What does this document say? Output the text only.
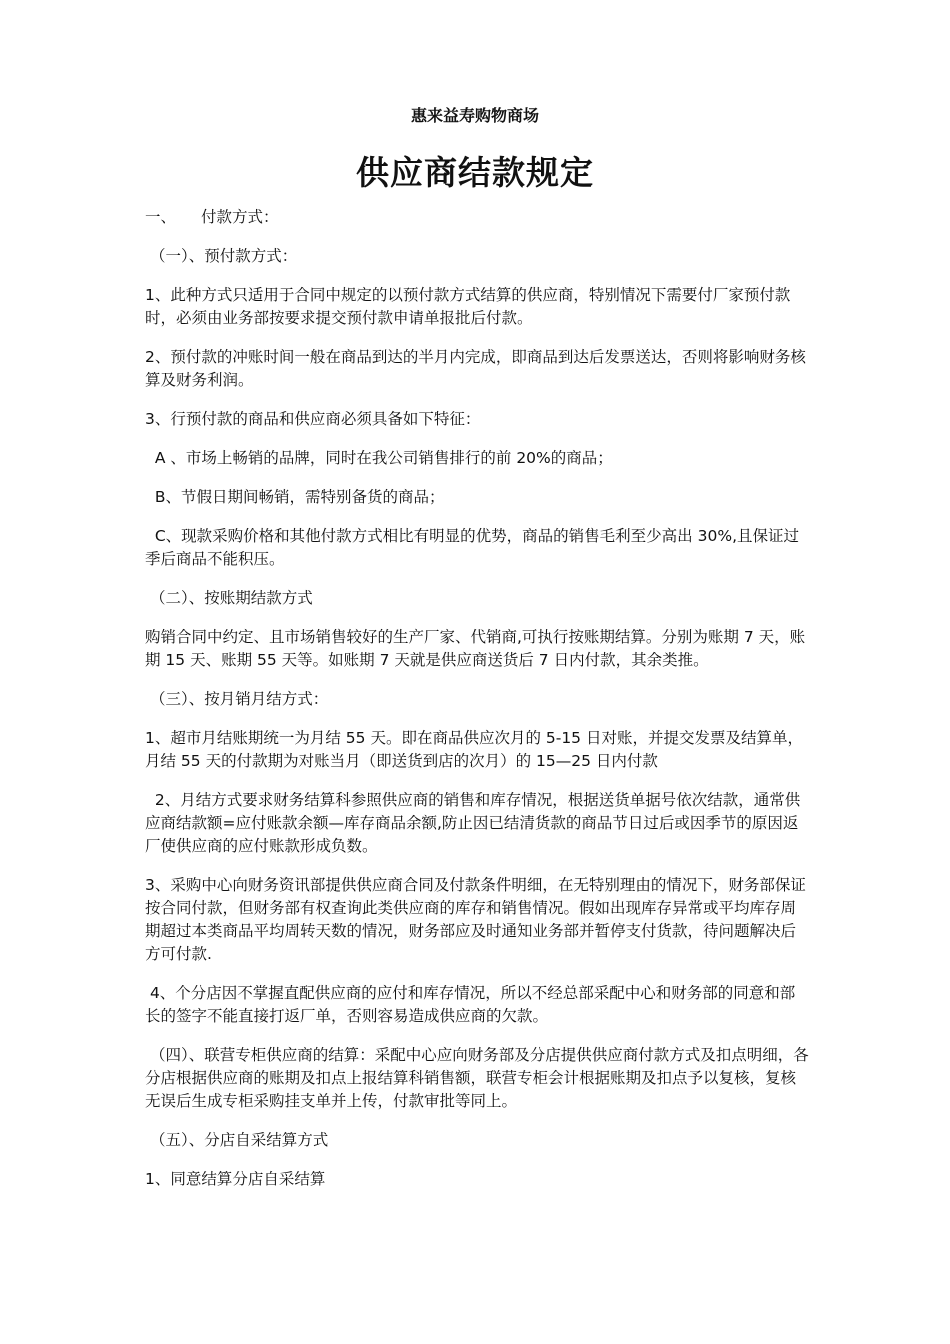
惠来益寿购物商场
供应商结款规定
一、	付款方式：

（一）、预付款方式：

1、此种方式只适用于合同中规定的以预付款方式结算的供应商，特别情况下需要付厂家预付款时，必须由业务部按要求提交预付款申请单报批后付款。

2、预付款的冲账时间一般在商品到达的半月内完成，即商品到达后发票送达，否则将影响财务核算及财务利润。

3、行预付款的商品和供应商必须具备如下特征：

A 、市场上畅销的品牌，同时在我公司销售排行的前 20%的商品；

B、节假日期间畅销，需特别备货的商品；

C、现款采购价格和其他付款方式相比有明显的优势，商品的销售毛利至少高出 30%,且保证过季后商品不能积压。

（二）、按账期结款方式

购销合同中约定、且市场销售较好的生产厂家、代销商,可执行按账期结算。分别为账期 7 天，账期 15 天、账期 55 天等。如账期 7 天就是供应商送货后 7 日内付款，其余类推。

（三）、按月销月结方式：

1、超市月结账期统一为月结 55 天。即在商品供应次月的 5-15 日对账，并提交发票及结算单，月结 55 天的付款期为对账当月（即送货到店的次月）的 15—25 日内付款

2、月结方式要求财务结算科参照供应商的销售和库存情况，根据送货单据号依次结款，通常供应商结款额=应付账款余额—库存商品余额,防止因已结清货款的商品节日过后或因季节的原因返厂使供应商的应付账款形成负数。

3、采购中心向财务资讯部提供供应商合同及付款条件明细，在无特别理由的情况下，财务部保证按合同付款，但财务部有权查询此类供应商的库存和销售情况。假如出现库存异常或平均库存周期超过本类商品平均周转天数的情况，财务部应及时通知业务部并暂停支付货款，待问题解决后方可付款.

4、个分店因不掌握直配供应商的应付和库存情况，所以不经总部采配中心和财务部的同意和部长的签字不能直接打返厂单，否则容易造成供应商的欠款。

（四）、联营专柜供应商的结算：采配中心应向财务部及分店提供供应商付款方式及扣点明细，各分店根据供应商的账期及扣点上报结算科销售额，联营专柜会计根据账期及扣点予以复核，复核无误后生成专柜采购挂支单并上传，付款审批等同上。

（五）、分店自采结算方式

1、同意结算分店自采结算
